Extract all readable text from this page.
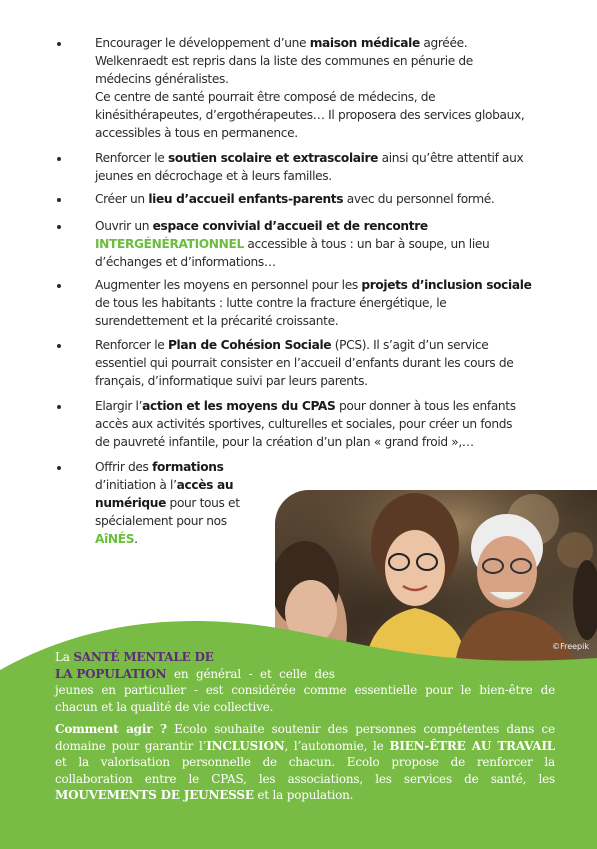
Encourager le développement d’une maison médicale agréée.
Welkenraedt est repris dans la liste des communes en pénurie de
médecins généralistes.
Ce centre de santé pourrait être composé de médecins, de
kinésithérapeutes, d’ergothérapeutes… Il proposera des services globaux,
accessibles à tous en permanence.
Renforcer le soutien scolaire et extrascolaire ainsi qu’être attentif aux
jeunes en décrochage et à leurs familles.
Créer un lieu d’accueil enfants-parents avec du personnel formé.
Ouvrir un espace convivial d’accueil et de rencontre
INTERGÉNÉRATIONNEL accessible à tous : un bar à soupe, un lieu
d’échanges et d’informations…
Augmenter les moyens en personnel pour les projets d’inclusion sociale
de tous les habitants : lutte contre la fracture énergétique, le
surendettement et la précarité croissante.
Renforcer le Plan de Cohésion Sociale (PCS). Il s’agit d’un service
essentiel qui pourrait consister en l’accueil d’enfants durant les cours de
français, d’informatique suivi par leurs parents.
Elargir l’action et les moyens du CPAS pour donner à tous les enfants
accès aux activités sportives, culturelles et sociales, pour créer un fonds
de pauvreté infantile, pour la création d’un plan « grand froid »,…
Offrir des formations
d’initiation à l’accès au
numérique pour tous et
spécialement pour nos
AîNÉS.
©Freepik
La SANTÉ MENTALE DE
LA POPULATION en général - et celle des
jeunes en particulier - est considérée comme essentielle pour le bien-être de
chacun et la qualité de vie collective.
Comment agir ? Ecolo souhaite soutenir des personnes compétentes dans ce
domaine pour garantir l’INCLUSION, l’autonomie, le BIEN-ÊTRE AU TRAVAIL
et la valorisation personnelle de chacun. Ecolo propose de renforcer la
collaboration entre le CPAS, les associations, les services de santé, les
MOUVEMENTS DE JEUNESSE et la population.
